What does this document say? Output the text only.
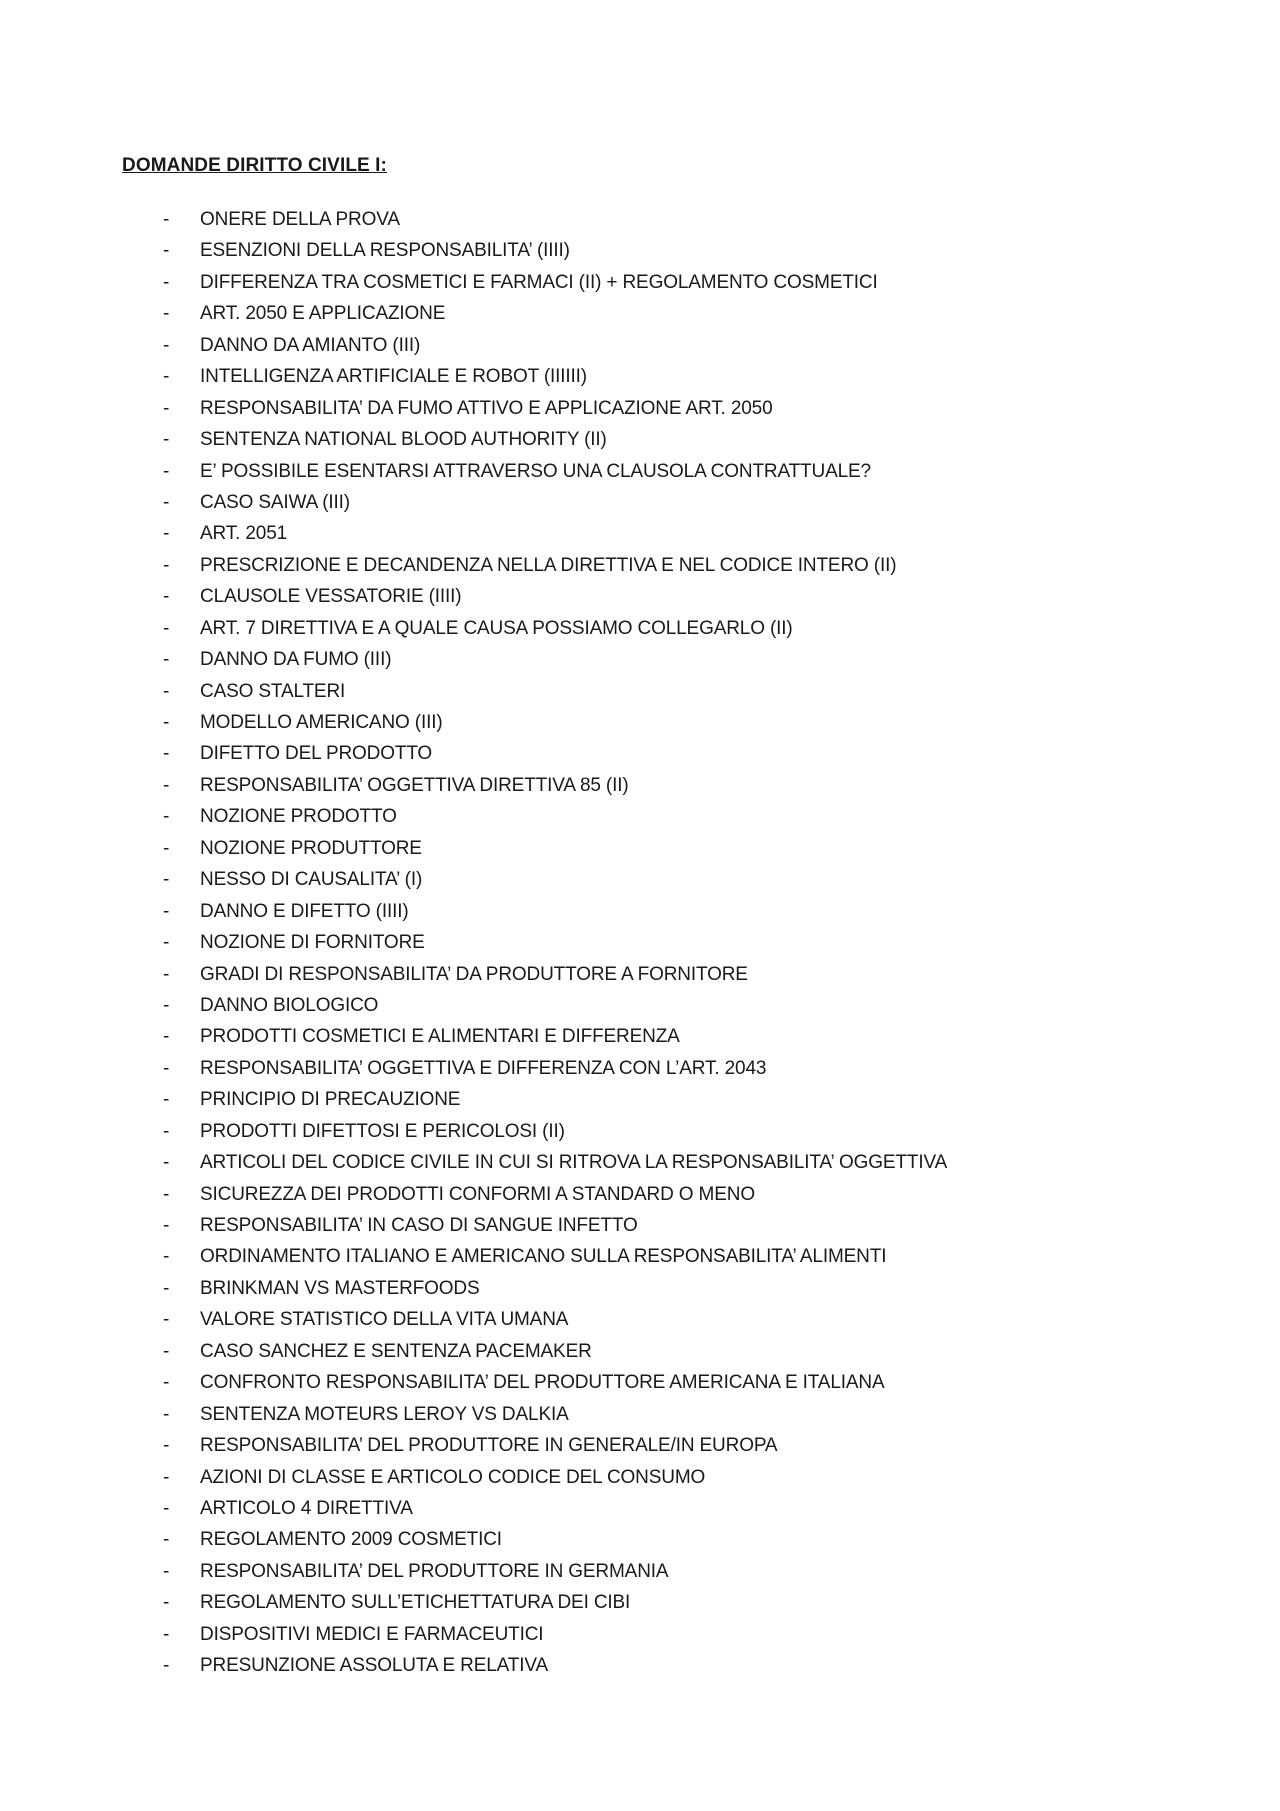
DOMANDE DIRITTO CIVILE I:
- ONERE DELLA PROVA
- ESENZIONI DELLA RESPONSABILITA’ (IIII)
- DIFFERENZA TRA COSMETICI E FARMACI (II) + REGOLAMENTO COSMETICI
- ART. 2050 E APPLICAZIONE
- DANNO DA AMIANTO (III)
- INTELLIGENZA ARTIFICIALE E ROBOT (IIIIII)
- RESPONSABILITA’ DA FUMO ATTIVO E APPLICAZIONE ART. 2050
- SENTENZA NATIONAL BLOOD AUTHORITY (II)
- E’ POSSIBILE ESENTARSI ATTRAVERSO UNA CLAUSOLA CONTRATTUALE?
- CASO SAIWA (III)
- ART. 2051
- PRESCRIZIONE E DECANDENZA NELLA DIRETTIVA E NEL CODICE INTERO (II)
- CLAUSOLE VESSATORIE (IIII)
- ART. 7 DIRETTIVA E A QUALE CAUSA POSSIAMO COLLEGARLO (II)
- DANNO DA FUMO (III)
- CASO STALTERI
- MODELLO AMERICANO (III)
- DIFETTO DEL PRODOTTO
- RESPONSABILITA’ OGGETTIVA DIRETTIVA 85 (II)
- NOZIONE PRODOTTO
- NOZIONE PRODUTTORE
- NESSO DI CAUSALITA’ (I)
- DANNO E DIFETTO (IIII)
- NOZIONE DI FORNITORE
- GRADI DI RESPONSABILITA’ DA PRODUTTORE A FORNITORE
- DANNO BIOLOGICO
- PRODOTTI COSMETICI E ALIMENTARI E DIFFERENZA
- RESPONSABILITA’ OGGETTIVA E DIFFERENZA CON L’ART. 2043
- PRINCIPIO DI PRECAUZIONE
- PRODOTTI DIFETTOSI E PERICOLOSI (II)
- ARTICOLI DEL CODICE CIVILE IN CUI SI RITROVA LA RESPONSABILITA’ OGGETTIVA
- SICUREZZA DEI PRODOTTI CONFORMI A STANDARD O MENO
- RESPONSABILITA’ IN CASO DI SANGUE INFETTO
- ORDINAMENTO ITALIANO E AMERICANO SULLA RESPONSABILITA’ ALIMENTI
- BRINKMAN VS MASTERFOODS
- VALORE STATISTICO DELLA VITA UMANA
- CASO SANCHEZ E SENTENZA PACEMAKER
- CONFRONTO RESPONSABILITA’ DEL PRODUTTORE AMERICANA E ITALIANA
- SENTENZA MOTEURS LEROY VS DALKIA
- RESPONSABILITA’ DEL PRODUTTORE IN GENERALE/IN EUROPA
- AZIONI DI CLASSE E ARTICOLO CODICE DEL CONSUMO
- ARTICOLO 4 DIRETTIVA
- REGOLAMENTO 2009 COSMETICI
- RESPONSABILITA’ DEL PRODUTTORE IN GERMANIA
- REGOLAMENTO SULL’ETICHETTATURA DEI CIBI
- DISPOSITIVI MEDICI E FARMACEUTICI
- PRESUNZIONE ASSOLUTA E RELATIVA
